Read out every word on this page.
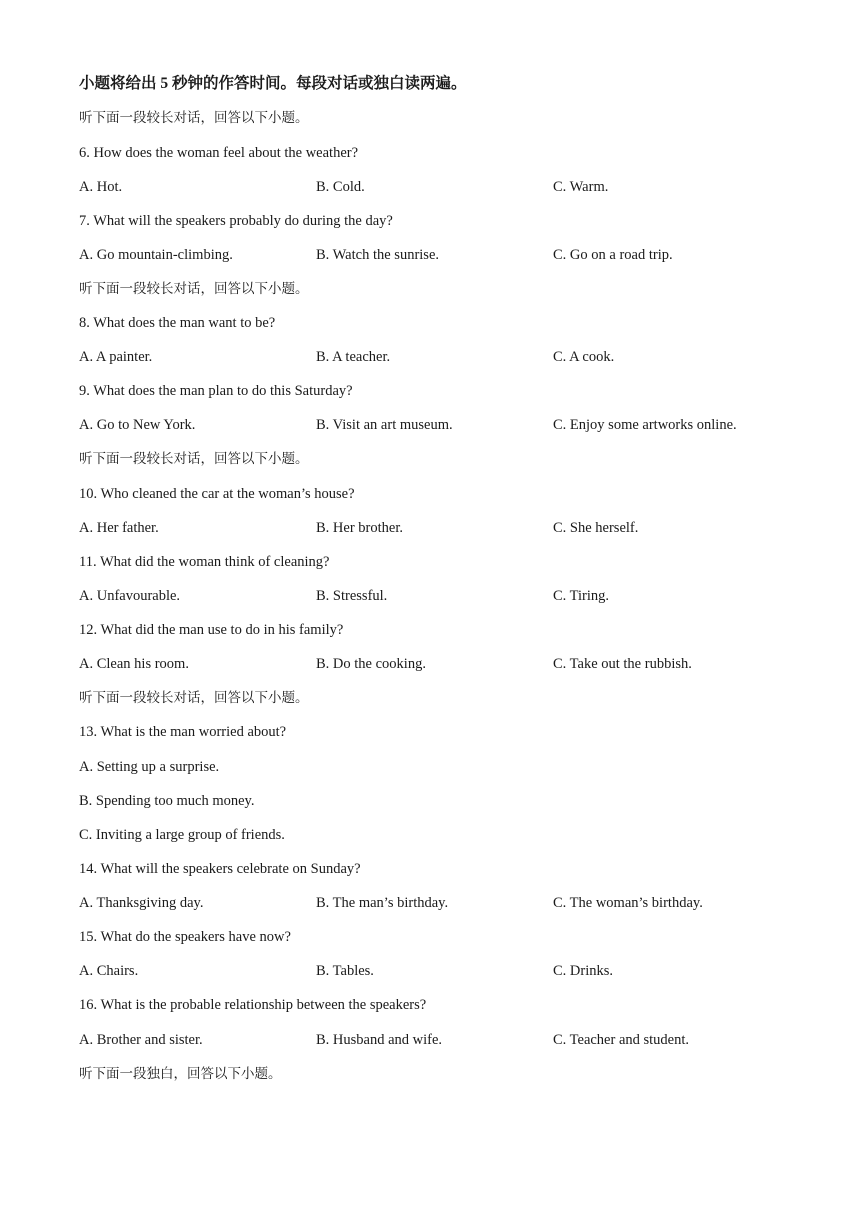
小题将给出 5 秒钟的作答时间。每段对话或独白读两遍。
听下面一段较长对话，回答以下小题。
6. How does the woman feel about the weather?
A. Hot.	B. Cold.	C. Warm.
7. What will the speakers probably do during the day?
A. Go mountain-climbing.	B. Watch the sunrise.	C. Go on a road trip.
听下面一段较长对话，回答以下小题。
8. What does the man want to be?
A. A painter.	B. A teacher.	C. A cook.
9. What does the man plan to do this Saturday?
A. Go to New York.	B. Visit an art museum.	C. Enjoy some artworks online.
听下面一段较长对话，回答以下小题。
10. Who cleaned the car at the woman’s house?
A. Her father.	B. Her brother.	C. She herself.
11. What did the woman think of cleaning?
A. Unfavourable.	B. Stressful.	C. Tiring.
12. What did the man use to do in his family?
A. Clean his room.	B. Do the cooking.	C. Take out the rubbish.
听下面一段较长对话，回答以下小题。
13. What is the man worried about?
A. Setting up a surprise.
B. Spending too much money.
C. Inviting a large group of friends.
14. What will the speakers celebrate on Sunday?
A. Thanksgiving day.	B. The man’s birthday.	C. The woman’s birthday.
15. What do the speakers have now?
A. Chairs.	B. Tables.	C. Drinks.
16. What is the probable relationship between the speakers?
A. Brother and sister.	B. Husband and wife.	C. Teacher and student.
听下面一段独白，回答以下小题。
